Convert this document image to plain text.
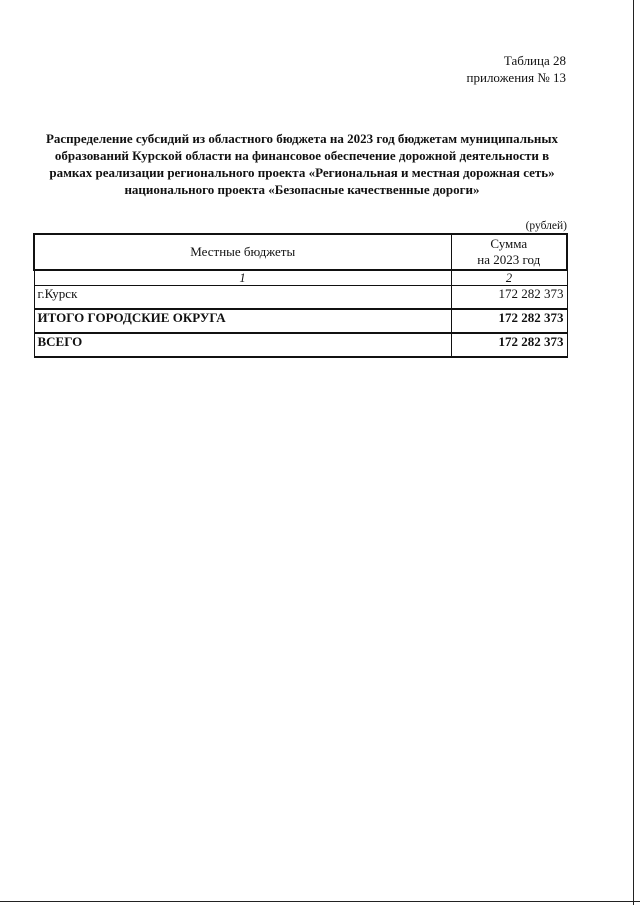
Таблица 28
приложения № 13
Распределение субсидий из областного бюджета на 2023 год бюджетам муниципальных
образований Курской области на финансовое обеспечение дорожной деятельности в
рамках реализации регионального проекта «Региональная и местная дорожная сеть»
национального проекта «Безопасные качественные дороги»
(рублей)
Местные бюджеты	Сумма
на 2023 год

1	2
г.Курск	172 282 373
ИТОГО ГОРОДСКИЕ ОКРУГА	172 282 373
ВСЕГО	172 282 373
